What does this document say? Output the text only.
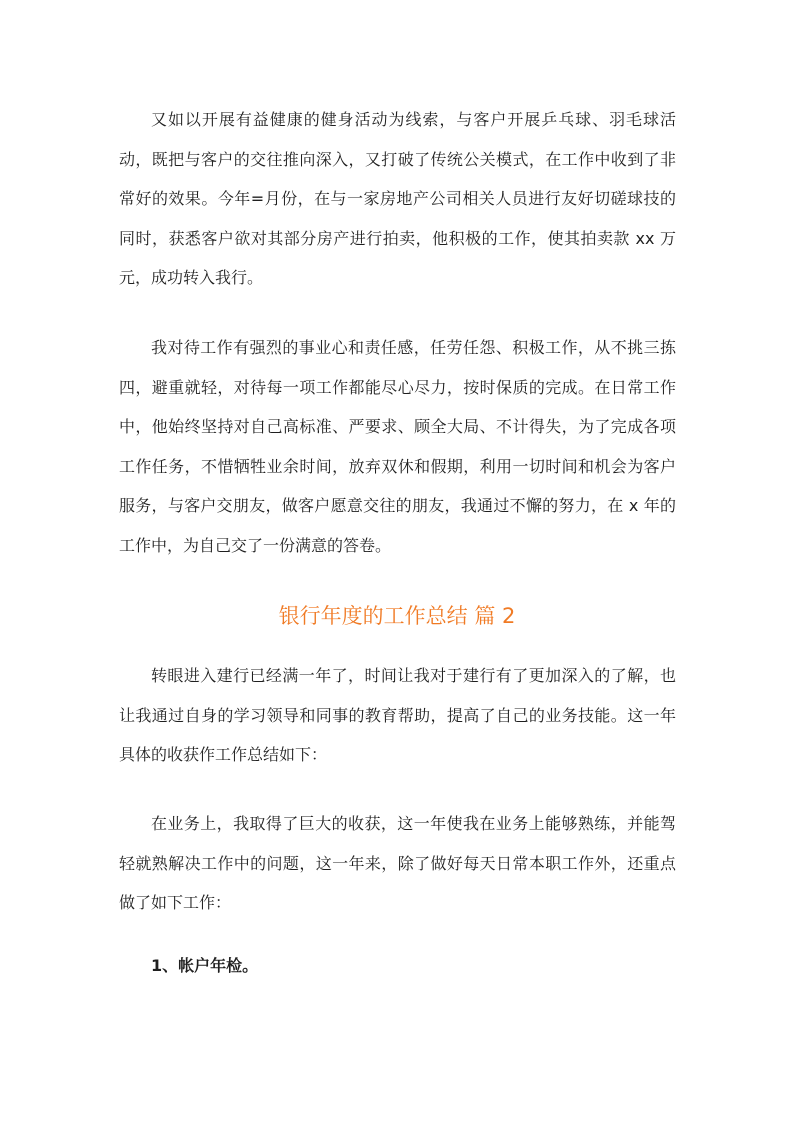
又如以开展有益健康的健身活动为线索，与客户开展乒乓球、羽毛球活动，既把与客户的交往推向深入，又打破了传统公关模式，在工作中收到了非常好的效果。今年=月份，在与一家房地产公司相关人员进行友好切磋球技的同时，获悉客户欲对其部分房产进行拍卖，他积极的工作，使其拍卖款 xx 万元，成功转入我行。

我对待工作有强烈的事业心和责任感，任劳任怨、积极工作，从不挑三拣四，避重就轻，对待每一项工作都能尽心尽力，按时保质的完成。在日常工作中，他始终坚持对自己高标准、严要求、顾全大局、不计得失，为了完成各项工作任务，不惜牺牲业余时间，放弃双休和假期，利用一切时间和机会为客户服务，与客户交朋友，做客户愿意交往的朋友，我通过不懈的努力，在 x 年的工作中，为自己交了一份满意的答卷。

银行年度的工作总结 篇 2

转眼进入建行已经满一年了，时间让我对于建行有了更加深入的了解，也让我通过自身的学习领导和同事的教育帮助，提高了自己的业务技能。这一年具体的收获作工作总结如下：

在业务上，我取得了巨大的收获，这一年使我在业务上能够熟练，并能驾轻就熟解决工作中的问题，这一年来，除了做好每天日常本职工作外，还重点做了如下工作：

1、帐户年检。
